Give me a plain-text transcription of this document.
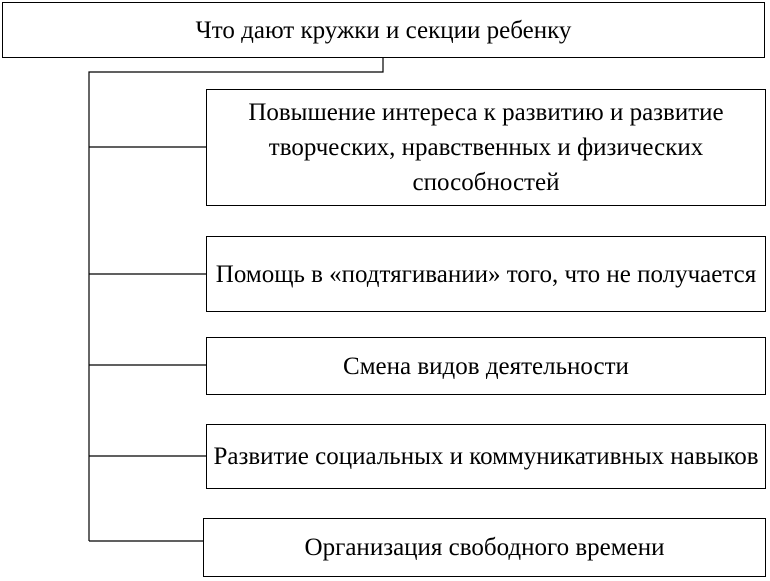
Что дают кружки и секции ребенку
Повышение интереса к развитию и развитие творческих, нравственных и физических способностей
Помощь в «подтягивании» того, что не получается
Смена видов деятельности
Развитие социальных и коммуникативных навыков
Организация свободного времени
